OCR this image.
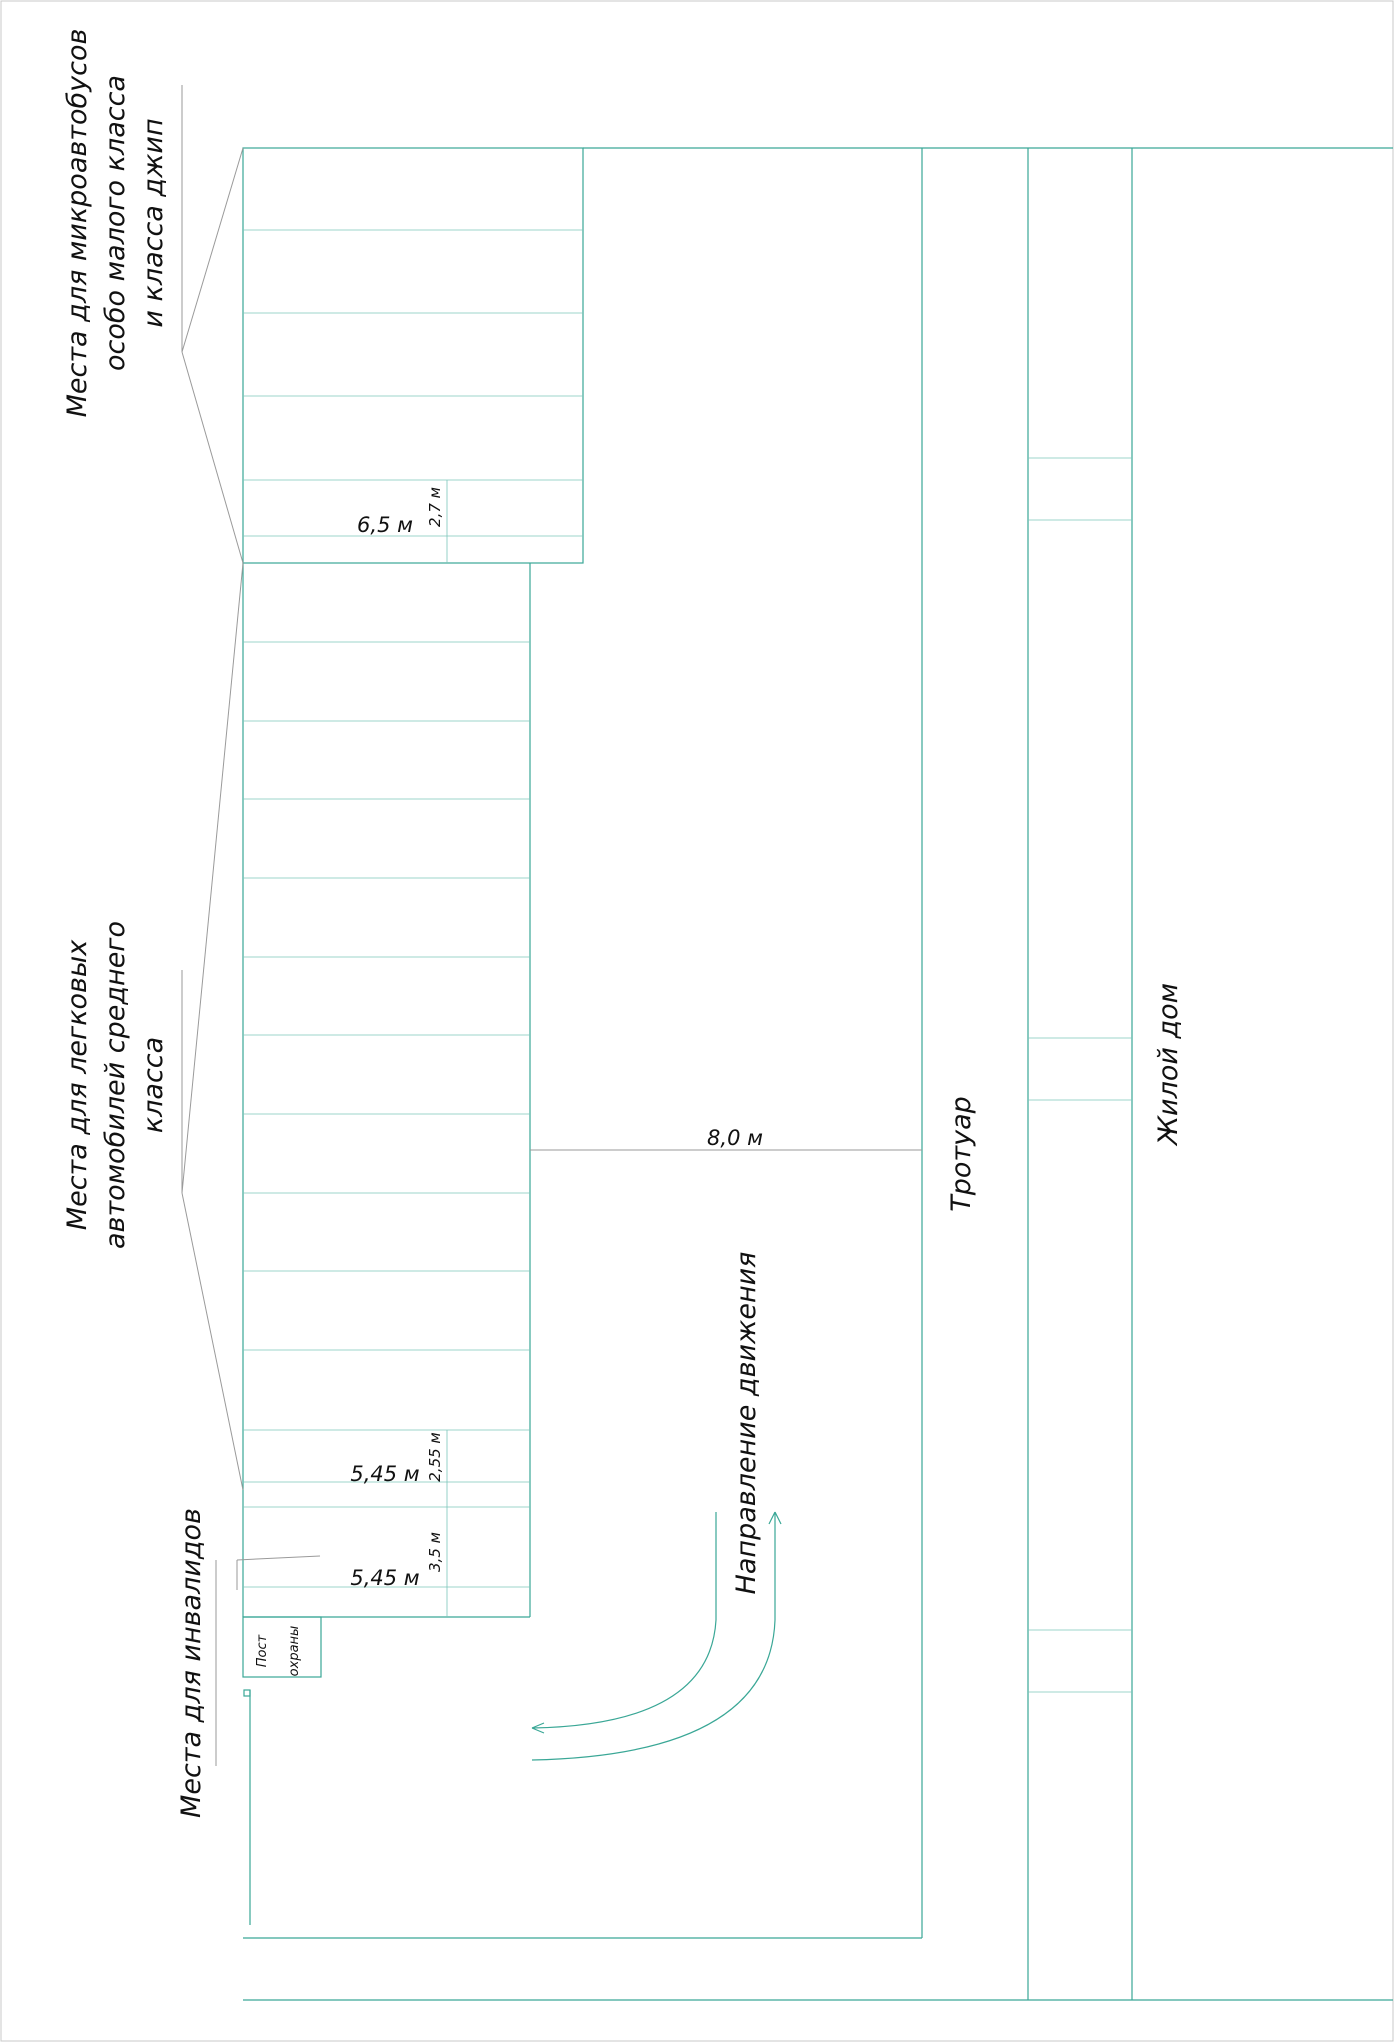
Места для микроавтобусов особо малого класса и класса джип
Места для легковых автомобилей среднего класса
Места для инвалидов	Пост охраны
Направление движения
Тротуар
Жилой дом
6,5 м 2,7 м
8,0 м
5,45 м 2,55 м
5,45 м
3,5 м
